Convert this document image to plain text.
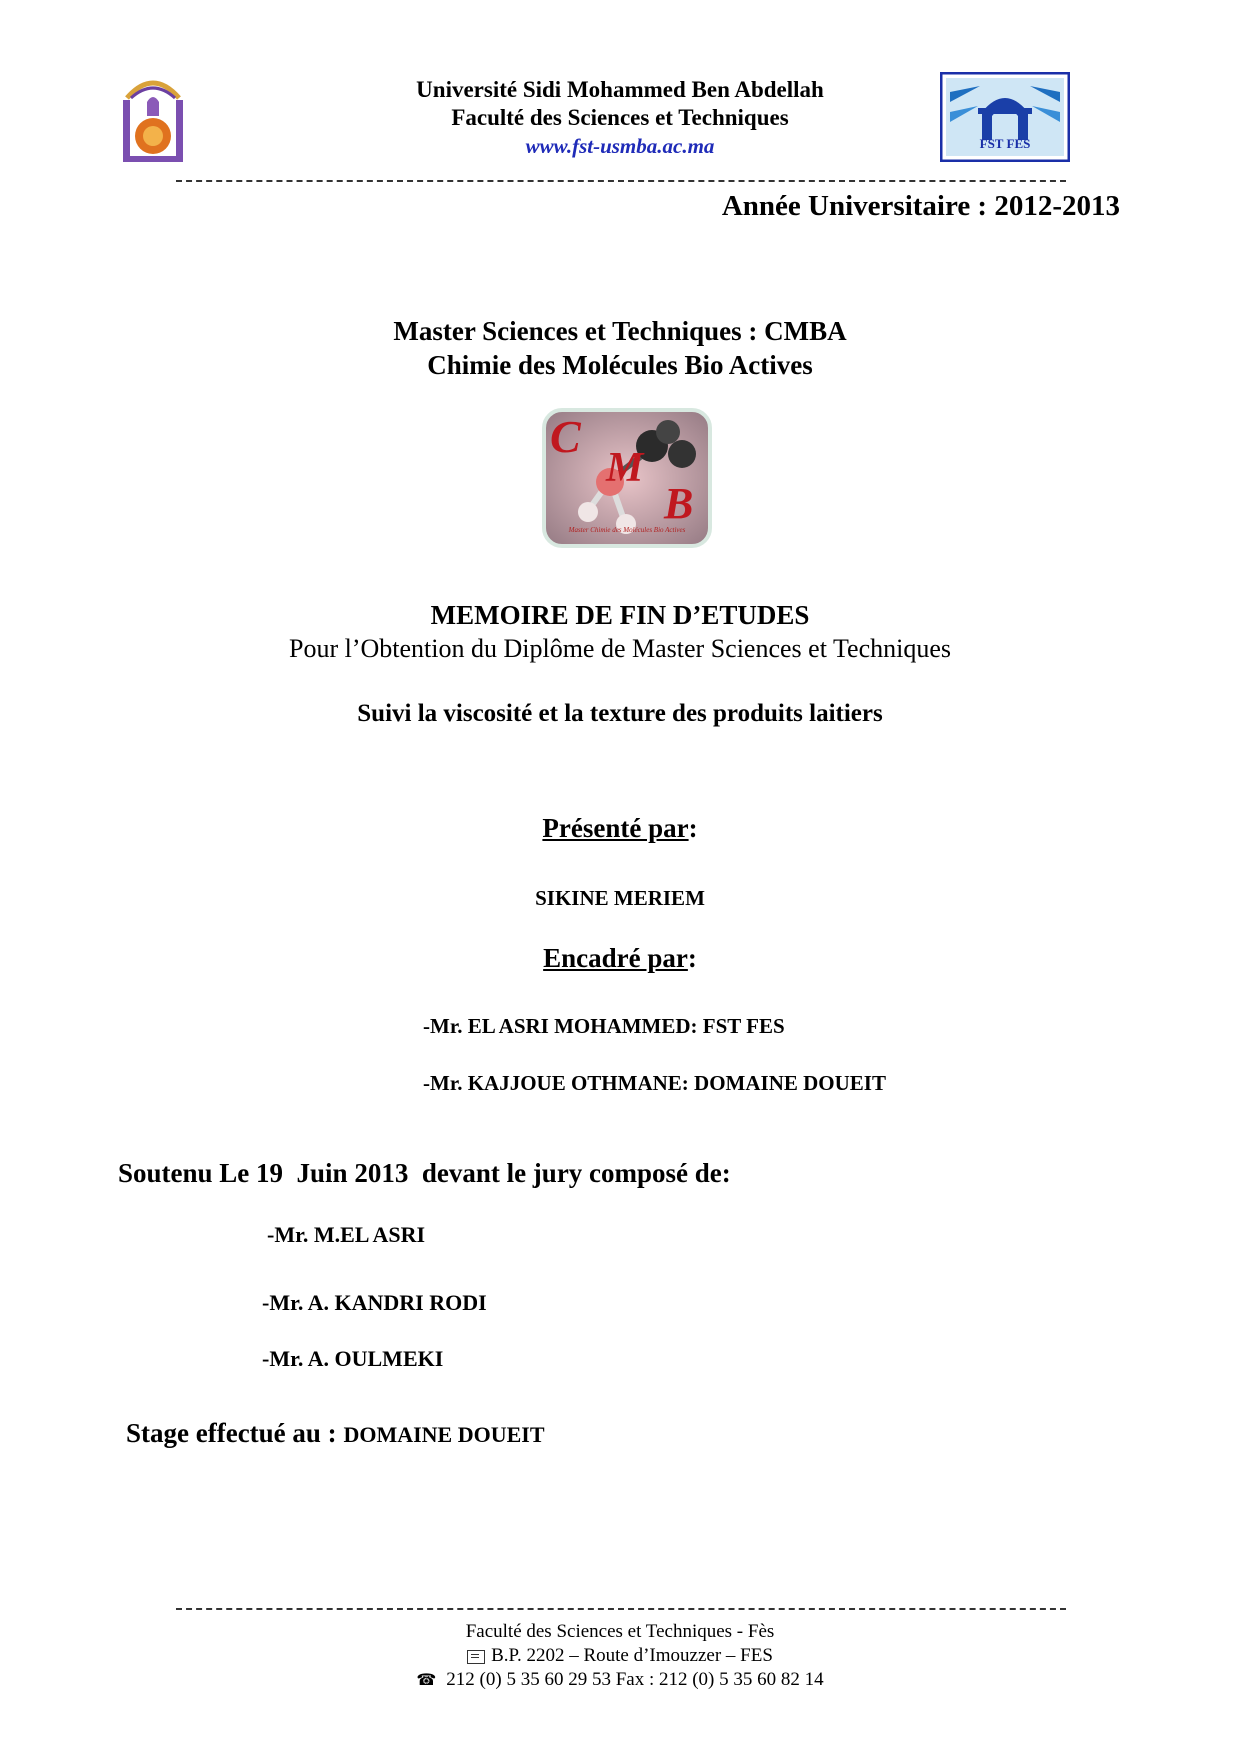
Université Sidi Mohammed Ben Abdellah
Faculté des Sciences et Techniques
www.fst-usmba.ac.ma	FST FES
Année Universitaire : 2012-2013
Master Sciences et Techniques : CMBA
Chimie des Molécules Bio Actives
C
M
B
Master Chimie des Molécules Bio Actives
MEMOIRE DE FIN D’ETUDES
Pour l’Obtention du Diplôme de Master Sciences et Techniques
Suivi la viscosité et la texture des produits laitiers
Présenté par:
SIKINE MERIEM
Encadré par:
-Mr. EL ASRI MOHAMMED: FST FES
-Mr. KAJJOUE OTHMANE: DOMAINE DOUEIT
Soutenu Le 19  Juin 2013  devant le jury composé de:
-Mr. M.EL ASRI
-Mr. A. KANDRI RODI
-Mr. A. OULMEKI

Stage effectué au : DOMAINE DOUEIT

Faculté des Sciences et Techniques - Fès
B.P. 2202 – Route d’Imouzzer – FES
☎ 212 (0) 5 35 60 29 53 Fax : 212 (0) 5 35 60 82 14
